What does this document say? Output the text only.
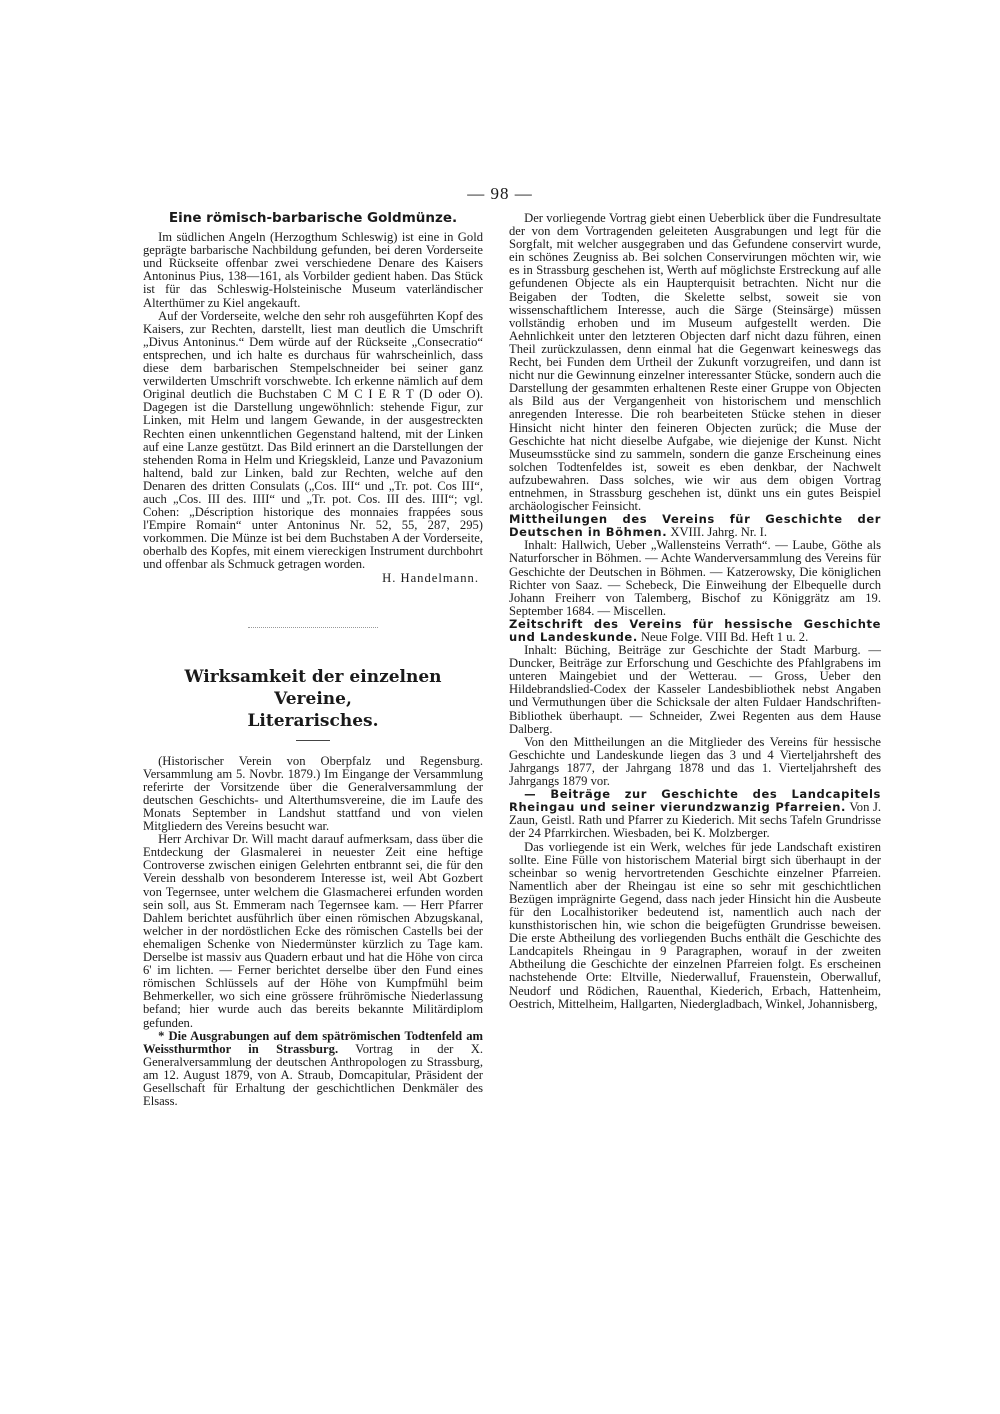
— 98 —
Eine römisch-barbarische Goldmünze.

Im südlichen Angeln (Herzogthum Schleswig) ist eine in Gold geprägte barbarische Nachbildung gefunden, bei deren Vorderseite und Rückseite offenbar zwei verschiedene Denare des Kaisers Antoninus Pius, 138—161, als Vorbilder gedient haben. Das Stück ist für das Schleswig-Holsteinische Museum vaterländischer Alterthümer zu Kiel angekauft.

Auf der Vorderseite, welche den sehr roh ausgeführten Kopf des Kaisers, zur Rechten, darstellt, liest man deutlich die Umschrift „Divus Antoninus.“ Dem würde auf der Rückseite „Consecratio“ entsprechen, und ich halte es durchaus für wahrscheinlich, dass diese dem barbarischen Stempelschneider bei seiner ganz verwilderten Umschrift vorschwebte. Ich erkenne nämlich auf dem Original deutlich die Buchstaben C M C I E R T (D oder O). Dagegen ist die Darstellung ungewöhnlich: stehende Figur, zur Linken, mit Helm und langem Gewande, in der ausgestreckten Rechten einen unkenntlichen Gegenstand haltend, mit der Linken auf eine Lanze gestützt. Das Bild erinnert an die Darstellungen der stehenden Roma in Helm und Kriegskleid, Lanze und Pavazonium haltend, bald zur Linken, bald zur Rechten, welche auf den Denaren des dritten Consulats („Cos. III“ und „Tr. pot. Cos III“, auch „Cos. III des. IIII“ und „Tr. pot. Cos. III des. IIII“; vgl. Cohen: „Déscription historique des monnaies frappées sous l'Empire Romain“ unter Antoninus Nr. 52, 55, 287, 295) vorkommen. Die Münze ist bei dem Buchstaben A der Vorderseite, oberhalb des Kopfes, mit einem viereckigen Instrument durchbohrt und offenbar als Schmuck getragen worden.

H. Handelmann.
Wirksamkeit der einzelnen Vereine,
Literarisches.

(Historischer Verein von Oberpfalz und Regensburg. Versammlung am 5. Novbr. 1879.) Im Eingange der Versammlung referirte der Vorsitzende über die Generalversammlung der deutschen Geschichts- und Alterthumsvereine, die im Laufe des Monats September in Landshut stattfand und von vielen Mitgliedern des Vereins besucht war.

Herr Archivar Dr. Will macht darauf aufmerksam, dass über die Entdeckung der Glasmalerei in neuester Zeit eine heftige Controverse zwischen einigen Gelehrten entbrannt sei, die für den Verein desshalb von besonderem Interesse ist, weil Abt Gozbert von Tegernsee, unter welchem die Glasmacherei erfunden worden sein soll, aus St. Emmeram nach Tegernsee kam. — Herr Pfarrer Dahlem berichtet ausführlich über einen römischen Abzugskanal, welcher in der nordöstlichen Ecke des römischen Castells bei der ehemaligen Schenke von Niedermünster kürzlich zu Tage kam. Derselbe ist massiv aus Quadern erbaut und hat die Höhe von circa 6' im lichten. — Ferner berichtet derselbe über den Fund eines römischen Schlüssels auf der Höhe von Kumpfmühl beim Behmerkeller, wo sich eine grössere frührömische Niederlassung befand; hier wurde auch das bereits bekannte Militärdiplom gefunden.

* Die Ausgrabungen auf dem spätrömischen Todtenfeld am Weissthurmthor in Strassburg. Vortrag in der X. Generalversammlung der deutschen Anthropologen zu Strassburg, am 12. August 1879, von A. Straub, Domcapitular, Präsident der Gesellschaft für Erhaltung der geschichtlichen Denkmäler des Elsass.

Der vorliegende Vortrag giebt einen Ueberblick über die Fundresultate der von dem Vortragenden geleiteten Ausgrabungen und legt für die Sorgfalt, mit welcher ausgegraben und das Gefundene conservirt wurde, ein schönes Zeugniss ab. Bei solchen Conservirungen möchten wir, wie es in Strassburg geschehen ist, Werth auf möglichste Erstreckung auf alle gefundenen Objecte als ein Haupterquisit betrachten. Nicht nur die Beigaben der Todten, die Skelette selbst, soweit sie von wissenschaftlichem Interesse, auch die Särge (Steinsärge) müssen vollständig erhoben und im Museum aufgestellt werden. Die Aehnlichkeit unter den letzteren Objecten darf nicht dazu führen, einen Theil zurückzulassen, denn einmal hat die Gegenwart keineswegs das Recht, bei Funden dem Urtheil der Zukunft vorzugreifen, und dann ist nicht nur die Gewinnung einzelner interessanter Stücke, sondern auch die Darstellung der gesammten erhaltenen Reste einer Gruppe von Objecten als Bild aus der Vergangenheit von historischem und menschlich anregenden Interesse. Die roh bearbeiteten Stücke stehen in dieser Hinsicht nicht hinter den feineren Objecten zurück; die Muse der Geschichte hat nicht dieselbe Aufgabe, wie diejenige der Kunst. Nicht Museumsstücke sind zu sammeln, sondern die ganze Erscheinung eines solchen Todtenfeldes ist, soweit es eben denkbar, der Nachwelt aufzubewahren. Dass solches, wie wir aus dem obigen Vortrag entnehmen, in Strassburg geschehen ist, dünkt uns ein gutes Beispiel archäologischer Feinsicht.

Mittheilungen des Vereins für Geschichte der Deutschen in Böhmen. XVIII. Jahrg. Nr. I.

Inhalt: Hallwich, Ueber „Wallensteins Verrath“. — Laube, Göthe als Naturforscher in Böhmen. — Achte Wanderversammlung des Vereins für Geschichte der Deutschen in Böhmen. — Katzerowsky, Die königlichen Richter von Saaz. — Schebeck, Die Einweihung der Elbequelle durch Johann Freiherr von Talemberg, Bischof zu Königgrätz am 19. September 1684. — Miscellen.

Zeitschrift des Vereins für hessische Geschichte und Landeskunde. Neue Folge. VIII Bd. Heft 1 u. 2.

Inhalt: Büching, Beiträge zur Geschichte der Stadt Marburg. — Duncker, Beiträge zur Erforschung und Geschichte des Pfahlgrabens im unteren Maingebiet und der Wetterau. — Gross, Ueber den Hildebrandslied-Codex der Kasseler Landesbibliothek nebst Angaben und Vermuthungen über die Schicksale der alten Fuldaer Handschriften-Bibliothek überhaupt. — Schneider, Zwei Regenten aus dem Hause Dalberg.

Von den Mittheilungen an die Mitglieder des Vereins für hessische Geschichte und Landeskunde liegen das 3 und 4 Vierteljahrsheft des Jahrgangs 1877, der Jahrgang 1878 und das 1. Vierteljahrsheft des Jahrgangs 1879 vor.

— Beiträge zur Geschichte des Landcapitels Rheingau und seiner vierundzwanzig Pfarreien. Von J. Zaun, Geistl. Rath und Pfarrer zu Kiederich. Mit sechs Tafeln Grundrisse der 24 Pfarrkirchen. Wiesbaden, bei K. Molzberger.

Das vorliegende ist ein Werk, welches für jede Landschaft existiren sollte. Eine Fülle von historischem Material birgt sich überhaupt in der scheinbar so wenig hervortretenden Geschichte einzelner Pfarreien. Namentlich aber der Rheingau ist eine so sehr mit geschichtlichen Bezügen imprägnirte Gegend, dass nach jeder Hinsicht hin die Ausbeute für den Localhistoriker bedeutend ist, namentlich auch nach der kunsthistorischen hin, wie schon die beigefügten Grundrisse beweisen. Die erste Abtheilung des vorliegenden Buchs enthält die Geschichte des Landcapitels Rheingau in 9 Paragraphen, worauf in der zweiten Abtheilung die Geschichte der einzelnen Pfarreien folgt. Es erscheinen nachstehende Orte: Eltville, Niederwalluf, Frauenstein, Oberwalluf, Neudorf und Rödichen, Rauenthal, Kiederich, Erbach, Hattenheim, Oestrich, Mittelheim, Hallgarten, Niedergladbach, Winkel, Johannisberg,
